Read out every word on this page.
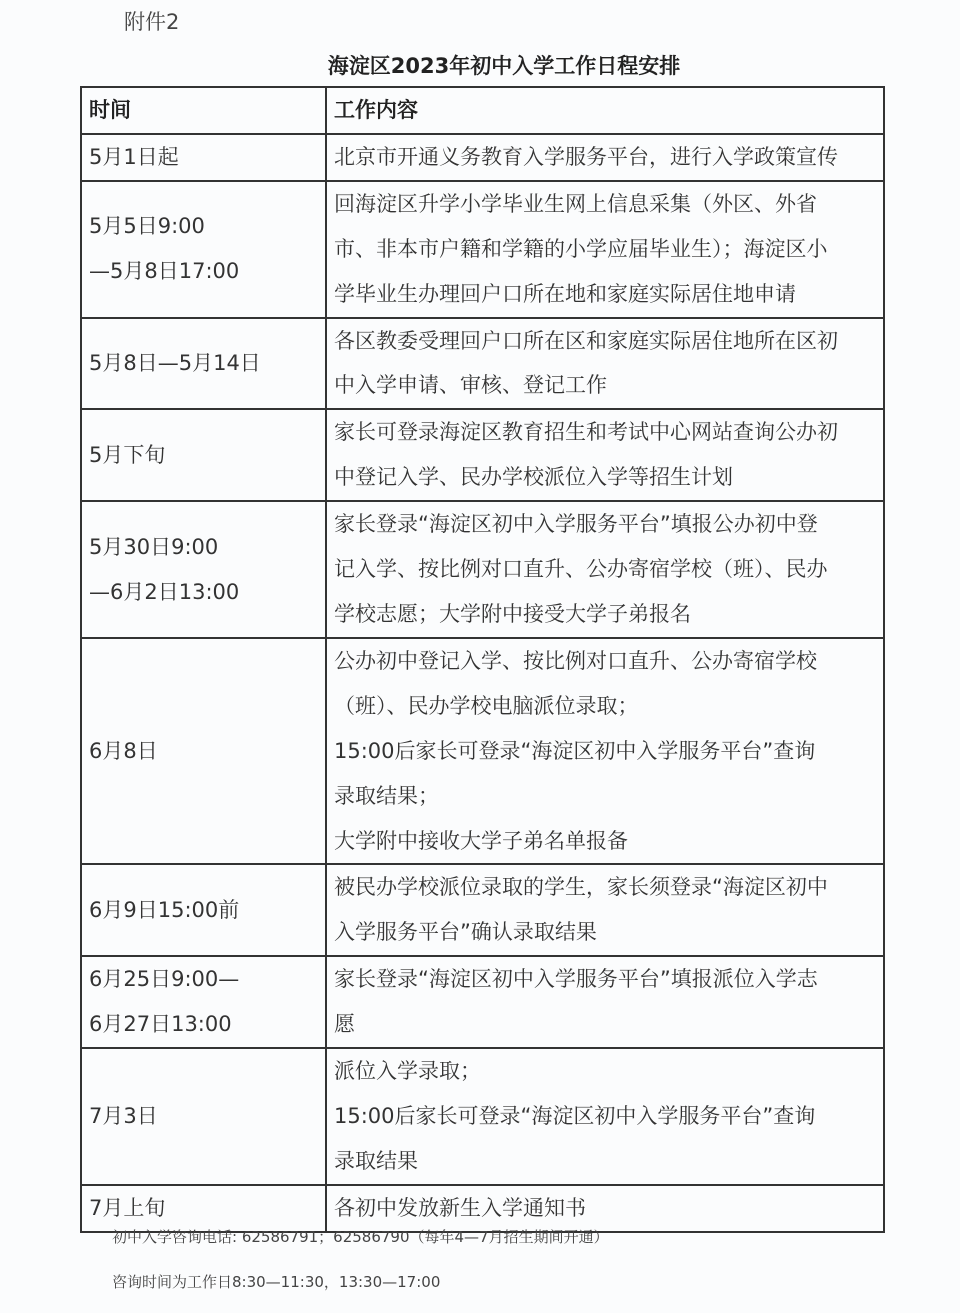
附件2
海淀区2023年初中入学工作日程安排
时间	工作内容

5月1日起	北京市开通义务教育入学服务平台，进行入学政策宣传

5月5日9:00
—5月8日17:00	回海淀区升学小学毕业生网上信息采集（外区、外省
市、非本市户籍和学籍的小学应届毕业生）；海淀区小
学毕业生办理回户口所在地和家庭实际居住地申请

5月8日—5月14日	各区教委受理回户口所在区和家庭实际居住地所在区初
中入学申请、审核、登记工作

5月下旬	家长可登录海淀区教育招生和考试中心网站查询公办初
中登记入学、民办学校派位入学等招生计划

5月30日9:00
—6月2日13:00	家长登录“海淀区初中入学服务平台”填报公办初中登
记入学、按比例对口直升、公办寄宿学校（班）、民办
学校志愿；大学附中接受大学子弟报名

6月8日	公办初中登记入学、按比例对口直升、公办寄宿学校
（班）、民办学校电脑派位录取；
15:00后家长可登录“海淀区初中入学服务平台”查询
录取结果；
大学附中接收大学子弟名单报备

6月9日15:00前	被民办学校派位录取的学生，家长须登录“海淀区初中
入学服务平台”确认录取结果

6月25日9:00—
6月27日13:00	家长登录“海淀区初中入学服务平台”填报派位入学志
愿

7月3日	派位入学录取；
15:00后家长可登录“海淀区初中入学服务平台”查询
录取结果

7月上旬	各初中发放新生入学通知书
初中入学咨询电话: 62586791；62586790（每年4—7月招生期间开通）
咨询时间为工作日8:30—11:30，13:30—17:00
